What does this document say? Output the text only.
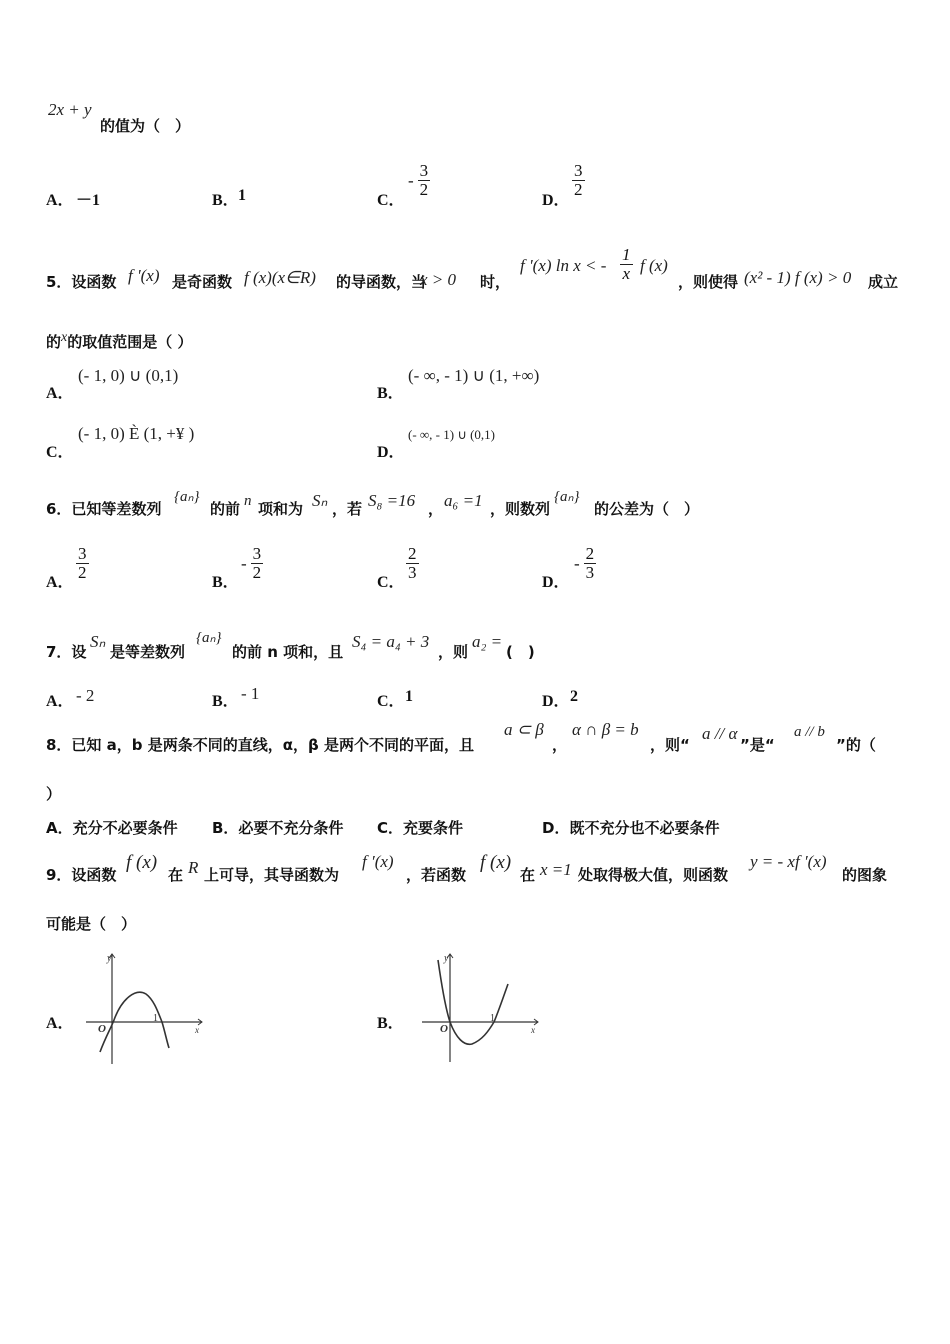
2x + y
的值为（　）
A． －1	B． 1	C．
- $\frac{3}{2}$
D．
$\frac{3}{2}$
5．设函数 f '(x) 是奇函数 f (x)(x∈R) 的导函数，当
x > 0 时，
f '(x) ln x < - $\frac{1}{x}$ f (x)
，则使得 (x² - 1) f (x) > 0 成立
的x的取值范围是（ ）
A．
(- 1, 0) ∪ (0,1)
B．
(- ∞, - 1) ∪ (1, +∞)
C．
(- 1, 0) È (1, +¥ )
D．
(- ∞, - 1) ∪ (0,1)
6．已知等差数列
{aₙ}
的前 n 项和为 Sₙ ，若 S₈ =16 ， a₆ =1 ，则数列
{aₙ}
的公差为（　）
A．
$\frac{3}{2}$
B．
- $\frac{3}{2}$
C．
$\frac{2}{3}$
D．
- $\frac{2}{3}$
7．设
Sₙ
是等差数列
{aₙ}
的前 n 项和，且
S₄ = a₄ + 3
，则
a₂ =
(　)
A． - 2	B． - 1	C． 1	D． 2
8．已知 a，b 是两条不同的直线，α，β 是两个不同的平面，且
a ⊂ β
，
α ∩ β = b
，则“
a // α
”是“
a // b
”的（
）
A．充分不必要条件 B．必要不充分条件 C．充要条件	D．既不充分也不必要条件
9．设函数
f (x)
在 R 上可导，其导函数为
f ′(x)
，若函数
f (x)
在 x =1 处取得极大值，则函数
y = - xf ′(x)
的图象
可能是（　）
A．
y
x
O
1	B．
y
x
O
1
